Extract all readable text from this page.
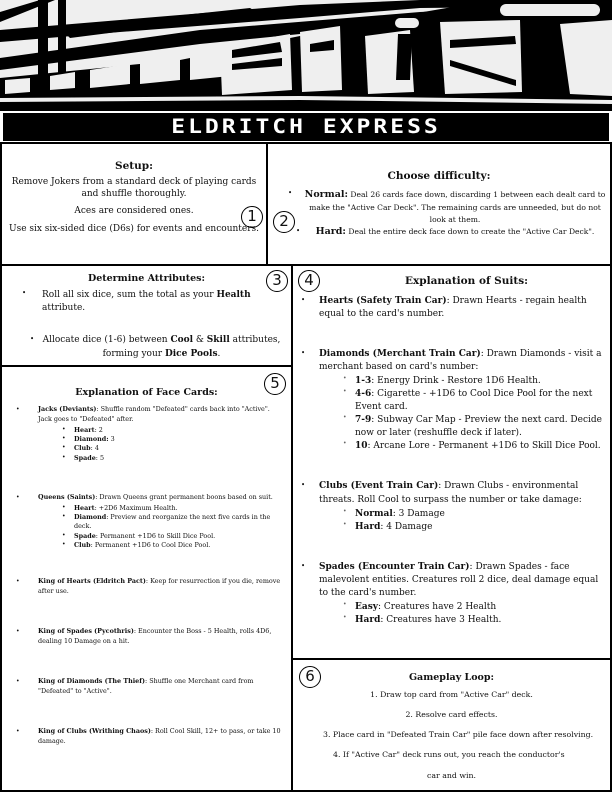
ELDRITCH EXPRESS
Setup:
Remove Jokers from a standard deck of playing cards and shuffle thoroughly.
Aces are considered ones.
Use six six-sided dice (D6s) for events and encounters.
1	2
Choose difficulty:
• Normal: Deal 26 cards face down, discarding 1 between each dealt card to make the "Active Car Deck". The remaining cards are unneeded, but do not look at them.
• Hard: Deal the entire deck face down to create the "Active Car Deck".
Determine Attributes:
• Roll all six dice, sum the total as your Health attribute.
• Allocate dice (1-6) between Cool & Skill attributes, forming your Dice Pools.
3	4	Explanation of Suits:
• Hearts (Safety Train Car): Drawn Hearts - regain health equal to the card's number.
• Diamonds (Merchant Train Car): Drawn Diamonds - visit a merchant based on card's number:
• 1-3: Energy Drink - Restore 1D6 Health.
• 4-6: Cigarette - +1D6 to Cool Dice Pool for the next Event card.
• 7-9: Subway Car Map - Preview the next card. Decide now or later (reshuffle deck if later).
• 10: Arcane Lore - Permanent +1D6 to Skill Dice Pool.
• Clubs (Event Train Car): Drawn Clubs - environmental threats. Roll Cool to surpass the number or take damage:
• Normal: 3 Damage
• Hard: 4 Damage
• Spades (Encounter Train Car): Drawn Spades - face malevolent entities. Creatures roll 2 dice, deal damage equal to the card's number.
• Easy: Creatures have 2 Health
• Hard: Creatures have 3 Health.
5
Explanation of Face Cards:
• Jacks (Deviants): Shuffle random "Defeated" cards back into "Active". Jack goes to "Defeated" after.
• Heart: 2
• Diamond: 3
• Club: 4
• Spade: 5
• Queens (Saints): Drawn Queens grant permanent boons based on suit.
• Heart: +2D6 Maximum Health.
• Diamond: Preview and reorganize the next five cards in the deck.
• Spade: Permanent +1D6 to Skill Dice Pool.
• Club: Permanent +1D6 to Cool Dice Pool.
• King of Hearts (Eldritch Pact): Keep for resurrection if you die, remove after use.
• King of Spades (Pycothris): Encounter the Boss - 5 Health, rolls 4D6, dealing 10 Damage on a hit.
• King of Diamonds (The Thief): Shuffle one Merchant card from "Defeated" to "Active".
• King of Clubs (Writhing Chaos): Roll Cool Skill, 12+ to pass, or take 10 damage.
6	Gameplay Loop:
1. Draw top card from "Active Car" deck.
2. Resolve card effects.
3. Place card in "Defeated Train Car" pile face down after resolving.
4. If "Active Car" deck runs out, you reach the conductor's
car and win.
